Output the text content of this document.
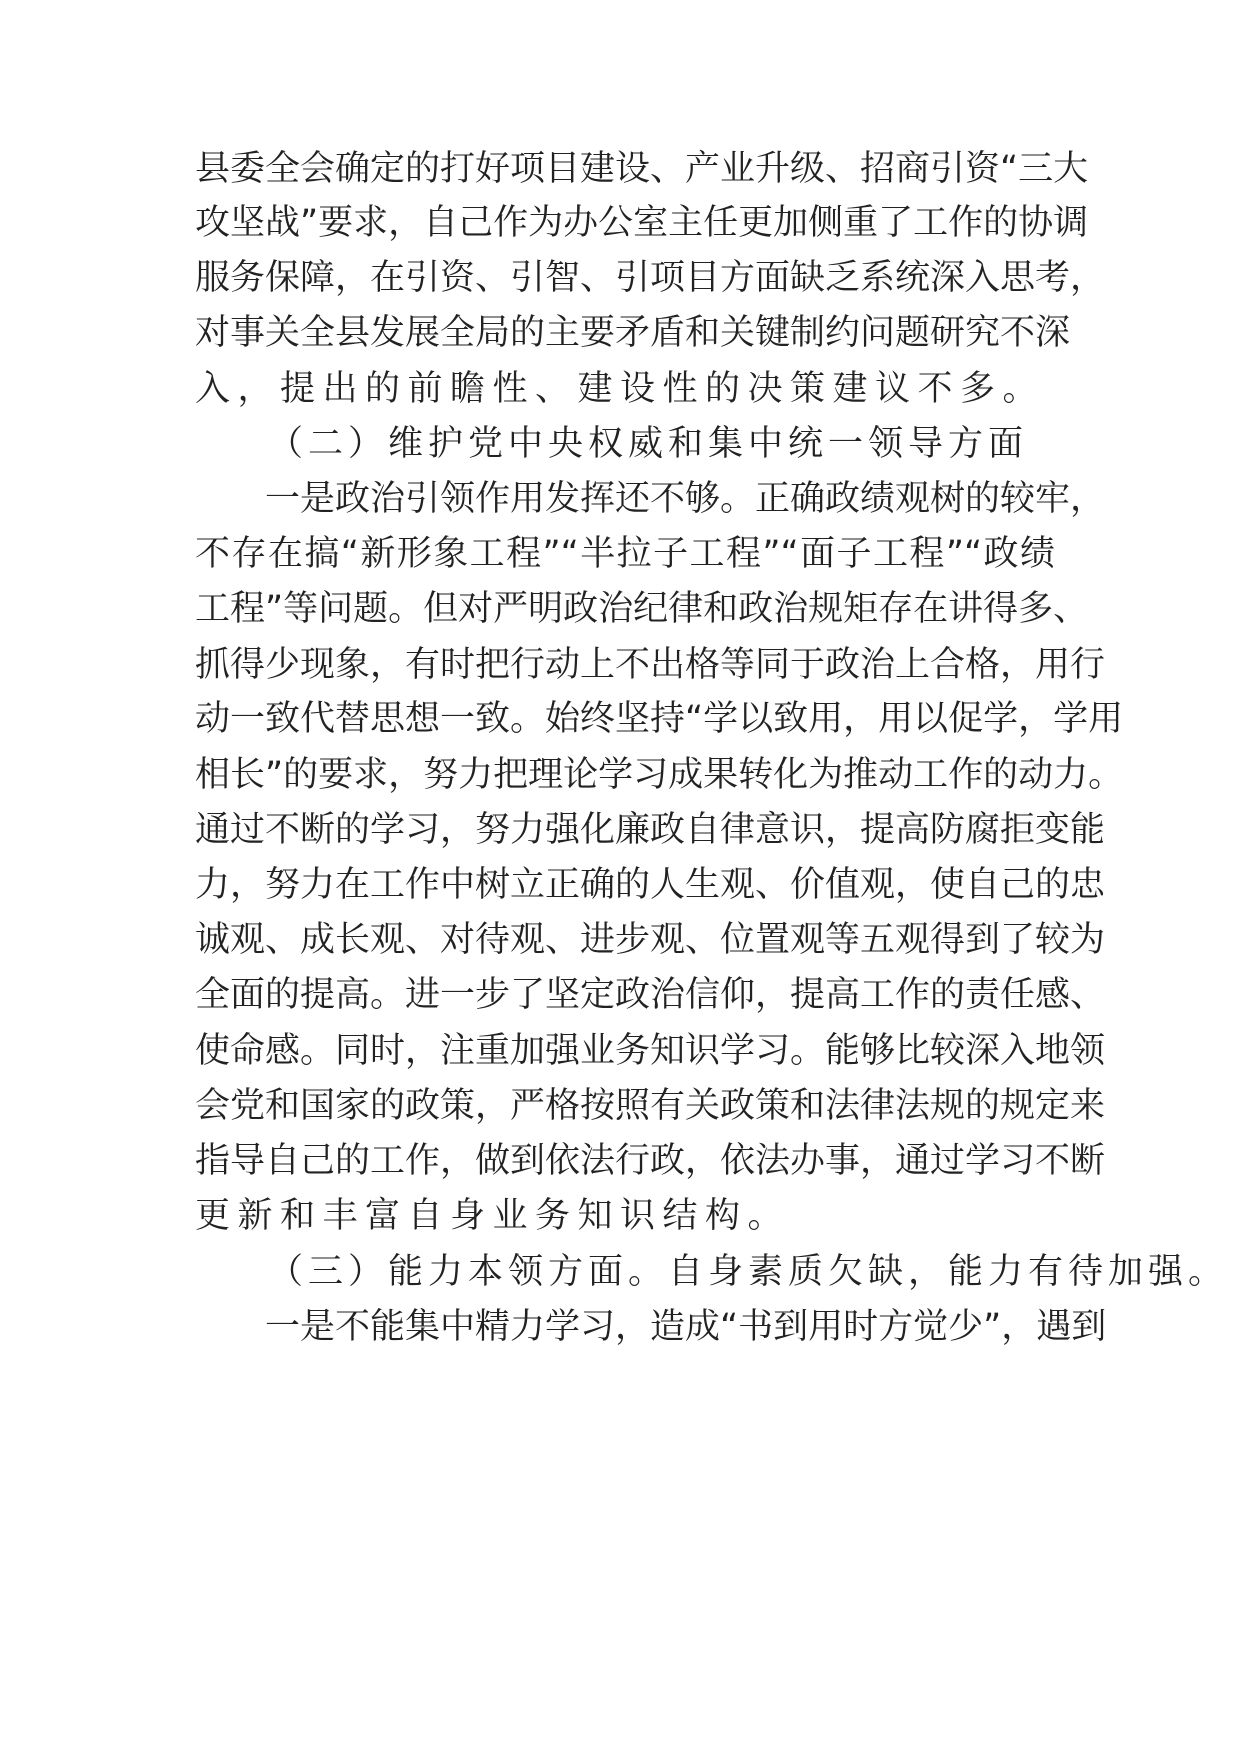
县委全会确定的打好项目建设、产业升级、招商引资“三大
攻坚战”要求，自己作为办公室主任更加侧重了工作的协调
服务保障，在引资、引智、引项目方面缺乏系统深入思考，
对事关全县发展全局的主要矛盾和关键制约问题研究不深
入，提出的前瞻性、建设性的决策建议不多。
（二）维护党中央权威和集中统一领导方面
一是政治引领作用发挥还不够。正确政绩观树的较牢，
不存在搞“新形象工程”“半拉子工程”“面子工程”“政绩
工程”等问题。但对严明政治纪律和政治规矩存在讲得多、
抓得少现象，有时把行动上不出格等同于政治上合格，用行
动一致代替思想一致。始终坚持“学以致用，用以促学，学用
相长”的要求，努力把理论学习成果转化为推动工作的动力。
通过不断的学习，努力强化廉政自律意识，提高防腐拒变能
力，努力在工作中树立正确的人生观、价值观，使自己的忠
诚观、成长观、对待观、进步观、位置观等五观得到了较为
全面的提高。进一步了坚定政治信仰，提高工作的责任感、
使命感。同时，注重加强业务知识学习。能够比较深入地领
会党和国家的政策，严格按照有关政策和法律法规的规定来
指导自己的工作，做到依法行政，依法办事，通过学习不断
更新和丰富自身业务知识结构。
（三）能力本领方面。自身素质欠缺，能力有待加强。
一是不能集中精力学习，造成“书到用时方觉少”，遇到
